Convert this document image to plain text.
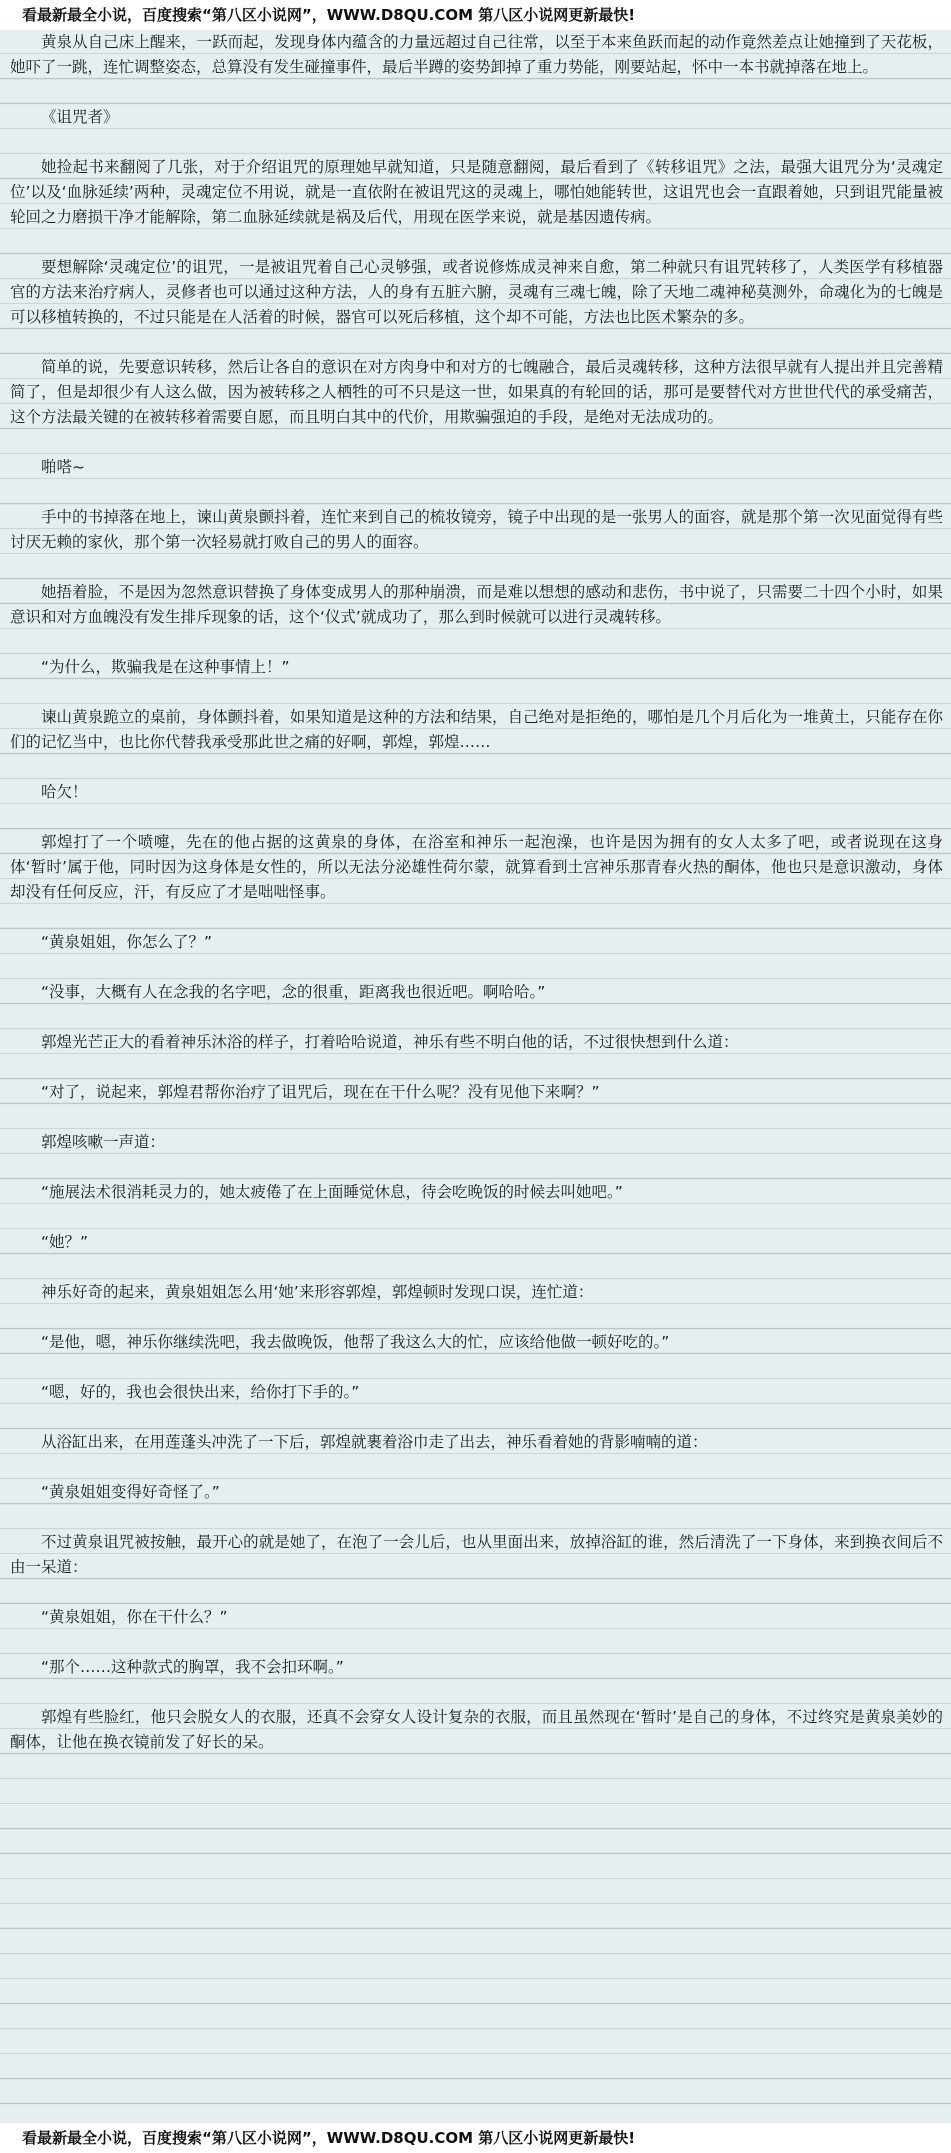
看最新最全小说，百度搜索“第八区小说网”，WWW.D8QU.COM 第八区小说网更新最快!

黄泉从自己床上醒来，一跃而起，发现身体内蕴含的力量远超过自己往常，以至于本来鱼跃而起的动作竟然差点让她撞到了天花板，她吓了一跳，连忙调整姿态，总算没有发生碰撞事件，最后半蹲的姿势卸掉了重力势能，刚要站起，怀中一本书就掉落在地上。

《诅咒者》

她捡起书来翻阅了几张，对于介绍诅咒的原理她早就知道，只是随意翻阅，最后看到了《转移诅咒》之法，最强大诅咒分为‘灵魂定位’以及‘血脉延续’两种，灵魂定位不用说，就是一直依附在被诅咒这的灵魂上，哪怕她能转世，这诅咒也会一直跟着她，只到诅咒能量被轮回之力磨损干净才能解除，第二血脉延续就是祸及后代，用现在医学来说，就是基因遗传病。

要想解除‘灵魂定位’的诅咒，一是被诅咒着自己心灵够强，或者说修炼成灵神来自愈，第二种就只有诅咒转移了，人类医学有移植器官的方法来治疗病人，灵修者也可以通过这种方法，人的身有五脏六腑，灵魂有三魂七魄，除了天地二魂神秘莫测外，命魂化为的七魄是可以移植转换的，不过只能是在人活着的时候，器官可以死后移植，这个却不可能，方法也比医术繁杂的多。

简单的说，先要意识转移，然后让各自的意识在对方肉身中和对方的七魄融合，最后灵魂转移，这种方法很早就有人提出并且完善精简了，但是却很少有人这么做，因为被转移之人栖牲的可不只是这一世，如果真的有轮回的话，那可是要替代对方世世代代的承受痛苦，这个方法最关键的在被转移着需要自愿，而且明白其中的代价，用欺骗强迫的手段，是绝对无法成功的。

啪嗒~

手中的书掉落在地上，谏山黄泉颤抖着，连忙来到自己的梳妆镜旁，镜子中出现的是一张男人的面容，就是那个第一次见面觉得有些讨厌无赖的家伙，那个第一次轻易就打败自己的男人的面容。

她捂着脸，不是因为忽然意识替换了身体变成男人的那种崩溃，而是难以想想的感动和悲伤，书中说了，只需要二十四个小时，如果意识和对方血魄没有发生排斥现象的话，这个‘仪式’就成功了，那么到时候就可以进行灵魂转移。

“为什么，欺骗我是在这种事情上！”

谏山黄泉跪立的桌前，身体颤抖着，如果知道是这种的方法和结果，自己绝对是拒绝的，哪怕是几个月后化为一堆黄土，只能存在你们的记忆当中，也比你代替我承受那此世之痛的好啊，郭煌，郭煌……

哈欠！

郭煌打了一个喷嚏，先在的他占据的这黄泉的身体，在浴室和神乐一起泡澡，也许是因为拥有的女人太多了吧，或者说现在这身体‘暂时’属于他，同时因为这身体是女性的，所以无法分泌雄性荷尔蒙，就算看到土宫神乐那青春火热的酮体，他也只是意识激动，身体却没有任何反应，汗，有反应了才是咄咄怪事。

“黄泉姐姐，你怎么了？”

“没事，大概有人在念我的名字吧，念的很重，距离我也很近吧。啊哈哈。”

郭煌光芒正大的看着神乐沐浴的样子，打着哈哈说道，神乐有些不明白他的话，不过很快想到什么道：

“对了，说起来，郭煌君帮你治疗了诅咒后，现在在干什么呢？没有见他下来啊？”

郭煌咳嗽一声道：

“施展法术很消耗灵力的，她太疲倦了在上面睡觉休息，待会吃晚饭的时候去叫她吧。”

“她？”

神乐好奇的起来，黄泉姐姐怎么用‘她’来形容郭煌，郭煌顿时发现口误，连忙道：

“是他，嗯，神乐你继续洗吧，我去做晚饭，他帮了我这么大的忙，应该给他做一顿好吃的。”

“嗯，好的，我也会很快出来，给你打下手的。”

从浴缸出来，在用莲蓬头冲洗了一下后，郭煌就裹着浴巾走了出去，神乐看着她的背影喃喃的道：

“黄泉姐姐变得好奇怪了。”

不过黄泉诅咒被按触，最开心的就是她了，在泡了一会儿后，也从里面出来，放掉浴缸的谁，然后清洗了一下身体，来到换衣间后不由一呆道：

“黄泉姐姐，你在干什么？”

“那个……这种款式的胸罩，我不会扣环啊。”

郭煌有些脸红，他只会脱女人的衣服，还真不会穿女人设计复杂的衣服，而且虽然现在‘暂时’是自己的身体，不过终究是黄泉美妙的酮体，让他在换衣镜前发了好长的呆。

看最新最全小说，百度搜索“第八区小说网”，WWW.D8QU.COM 第八区小说网更新最快!
